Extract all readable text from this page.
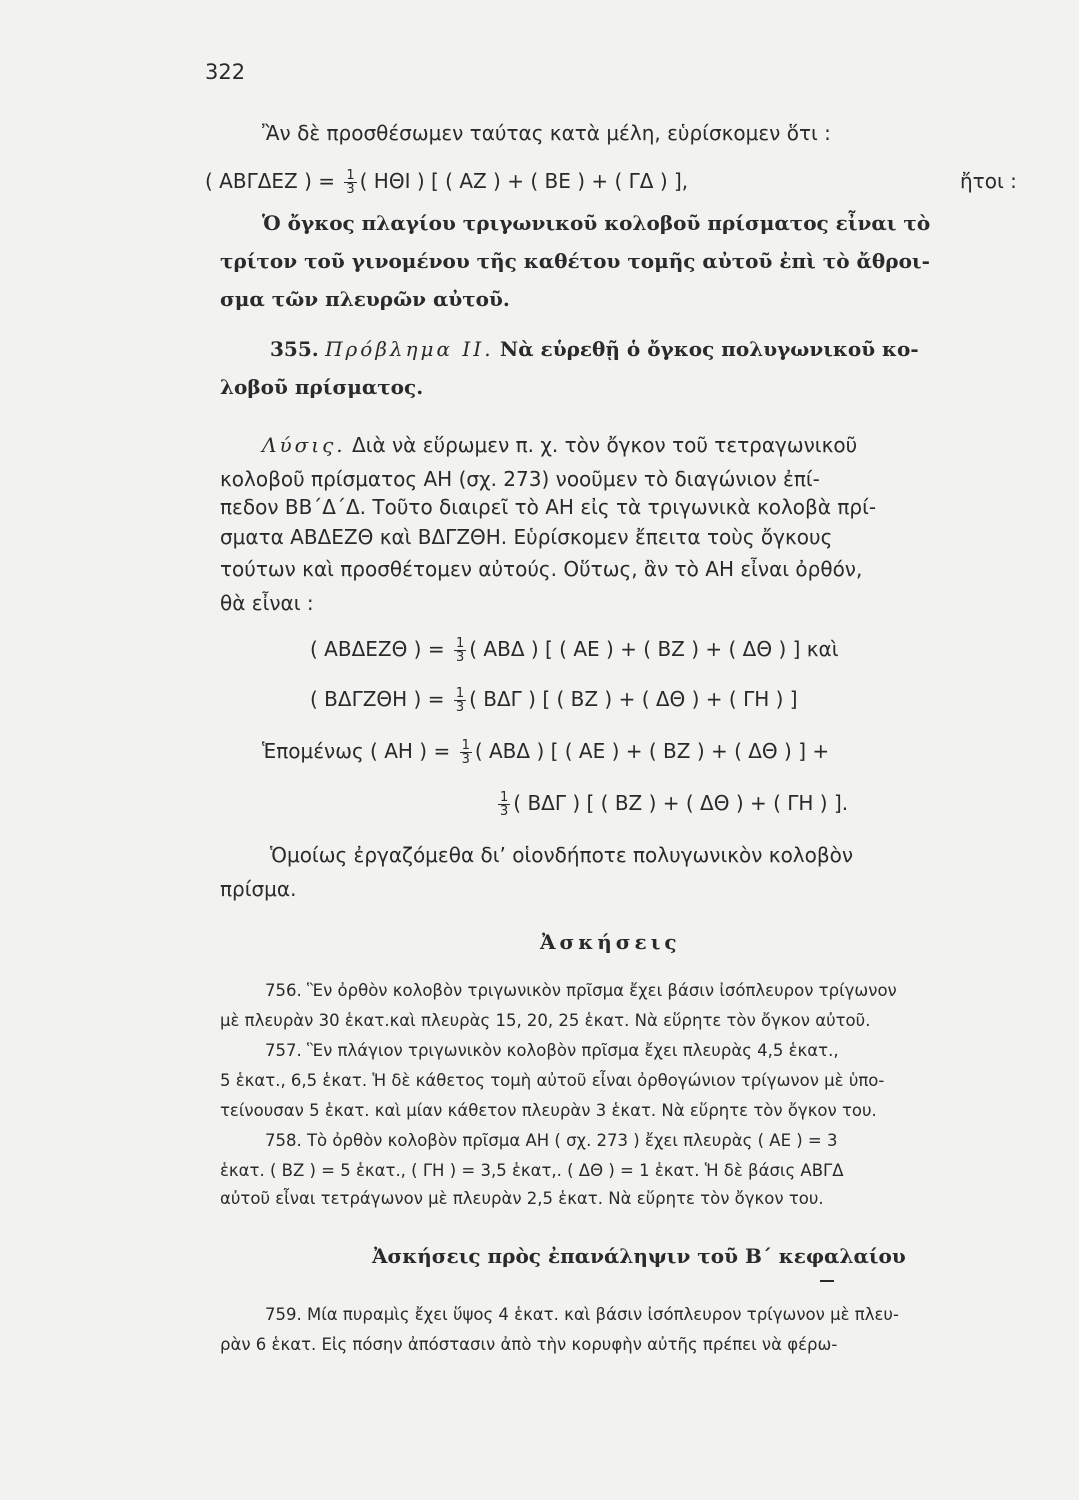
322
Ἂν δὲ προσθέσωμεν ταύτας κατὰ μέλη, εὑρίσκομεν ὅτι :
( ΑΒΓΔΕΖ ) = $\frac{1}{3}$ ( ΗΘΙ ) [ ( ΑΖ ) + ( ΒΕ ) + ( ΓΔ ) ],	ἤτοι :
Ὁ ὄγκος πλαγίου τριγωνικοῦ κολοβοῦ πρίσματος εἶναι τὸ
τρίτον τοῦ γινομένου τῆς καθέτου τομῆς αὐτοῦ ἐπὶ τὸ ἄθροι-
σμα τῶν πλευρῶν αὐτοῦ.
355. Πρόβλημα ΙΙ. Νὰ εὑρεθῇ ὁ ὄγκος πολυγωνικοῦ κο-
λοβοῦ πρίσματος.
Λύσις. Διὰ νὰ εὕρωμεν π. χ. τὸν ὄγκον τοῦ τετραγωνικοῦ
κολοβοῦ πρίσματος ΑΗ (σχ. 273) νοοῦμεν τὸ διαγώνιον ἐπί-
πεδον ΒΒ΄Δ΄Δ. Τοῦτο διαιρεῖ τὸ ΑΗ εἰς τὰ τριγωνικὰ κολοβὰ πρί-
σματα ΑΒΔΕΖΘ καὶ ΒΔΓΖΘΗ. Εὑρίσκομεν ἔπειτα τοὺς ὄγκους
τούτων καὶ προσθέτομεν αὐτούς. Οὕτως, ἂν τὸ ΑΗ εἶναι ὀρθόν,
θὰ εἶναι :
( ΑΒΔΕΖΘ ) = $\frac{1}{3}$ ( ΑΒΔ ) [ ( ΑΕ ) + ( ΒΖ ) + ( ΔΘ ) ] καὶ
( ΒΔΓΖΘΗ ) = $\frac{1}{3}$ ( ΒΔΓ ) [ ( ΒΖ ) + ( ΔΘ ) + ( ΓΗ ) ]
Ἑπομένως ( ΑΗ ) = $\frac{1}{3}$ ( ΑΒΔ ) [ ( ΑΕ ) + ( ΒΖ ) + ( ΔΘ ) ] +
$\frac{1}{3}$ ( ΒΔΓ ) [ ( ΒΖ ) + ( ΔΘ ) + ( ΓΗ ) ].
Ὁμοίως ἐργαζόμεθα δι’ οἱονδήποτε πολυγωνικὸν κολοβὸν
πρίσμα.
Ἀσκήσεις
756. Ἓν ὀρθὸν κολοβὸν τριγωνικὸν πρῖσμα ἔχει βάσιν ἰσόπλευρον τρίγωνον
μὲ πλευρὰν 30 ἑκατ.καὶ πλευρὰς 15, 20, 25 ἑκατ. Νὰ εὕρητε τὸν ὄγκον αὐτοῦ.
757. Ἓν πλάγιον τριγωνικὸν κολοβὸν πρῖσμα ἔχει πλευρὰς 4,5 ἑκατ.,
5 ἑκατ., 6,5 ἑκατ. Ἡ δὲ κάθετος τομὴ αὐτοῦ εἶναι ὀρθογώνιον τρίγωνον μὲ ὑπο-
τείνουσαν 5 ἑκατ. καὶ μίαν κάθετον πλευρὰν 3 ἑκατ. Νὰ εὕρητε τὸν ὄγκον του.
758. Τὸ ὀρθὸν κολοβὸν πρῖσμα ΑΗ ( σχ. 273 ) ἔχει πλευρὰς ( ΑΕ ) = 3
ἑκατ. ( ΒΖ ) = 5 ἑκατ., ( ΓΗ ) = 3,5 ἑκατ,. ( ΔΘ ) = 1 ἑκατ. Ἡ δὲ βάσις ΑΒΓΔ
αὐτοῦ εἶναι τετράγωνον μὲ πλευρὰν 2,5 ἑκατ. Νὰ εὕρητε τὸν ὄγκον του.
Ἀσκήσεις πρὸς ἐπανάληψιν τοῦ Β΄ κεφαλαίου
759. Μία πυραμὶς ἔχει ὕψος 4 ἑκατ. καὶ βάσιν ἰσόπλευρον τρίγωνον μὲ πλευ-
ρὰν 6 ἑκατ. Εἰς πόσην ἀπόστασιν ἀπὸ τὴν κορυφὴν αὐτῆς πρέπει νὰ φέρω-
